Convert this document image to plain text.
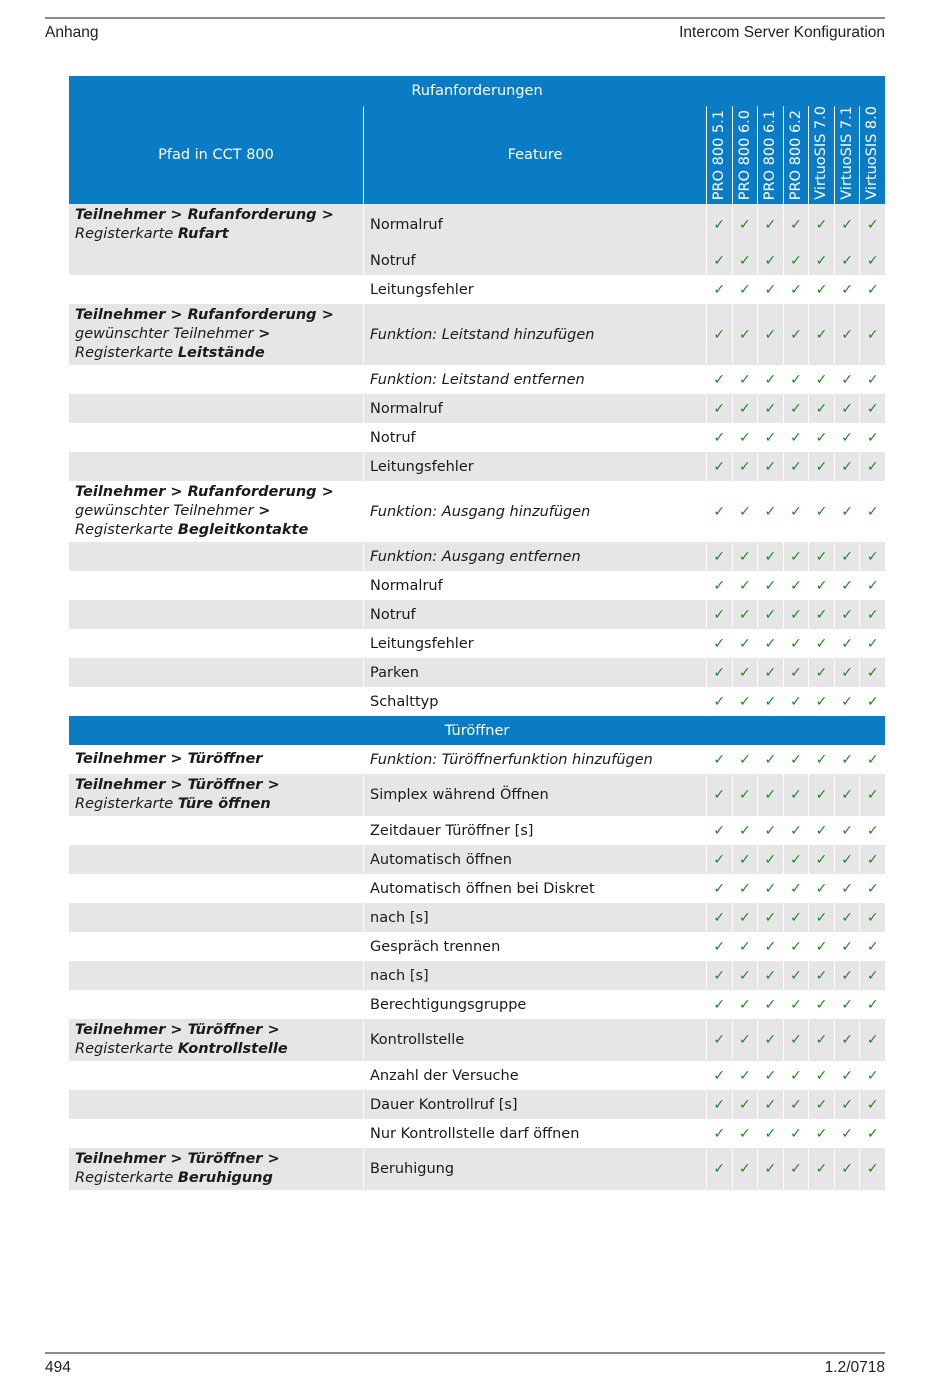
Anhang	Intercom Server Konfiguration
Rufanforderungen								
Pfad in CCT 800	Feature	PRO 800 5.1	PRO 800 6.0	PRO 800 6.1	PRO 800 6.2	VirtuoSIS 7.0	VirtuoSIS 7.1	VirtuoSIS 8.0

Teilnehmer > Rufanforderung >
Registerkarte Rufart	Normalruf	✓	✓	✓	✓	✓	✓	✓
	Notruf	✓	✓	✓	✓	✓	✓	✓
	Leitungsfehler	✓	✓	✓	✓	✓	✓	✓
Teilnehmer > Rufanforderung >
gewünschter Teilnehmer >
Registerkarte Leitstände	Funktion: Leitstand hinzufügen	✓	✓	✓	✓	✓	✓	✓
	Funktion: Leitstand entfernen	✓	✓	✓	✓	✓	✓	✓
	Normalruf	✓	✓	✓	✓	✓	✓	✓
	Notruf	✓	✓	✓	✓	✓	✓	✓
	Leitungsfehler	✓	✓	✓	✓	✓	✓	✓
Teilnehmer > Rufanforderung >
gewünschter Teilnehmer >
Registerkarte Begleitkontakte	Funktion: Ausgang hinzufügen	✓	✓	✓	✓	✓	✓	✓
	Funktion: Ausgang entfernen	✓	✓	✓	✓	✓	✓	✓
	Normalruf	✓	✓	✓	✓	✓	✓	✓
	Notruf	✓	✓	✓	✓	✓	✓	✓
	Leitungsfehler	✓	✓	✓	✓	✓	✓	✓
	Parken	✓	✓	✓	✓	✓	✓	✓
	Schalttyp	✓	✓	✓	✓	✓	✓	✓
Türöffner								
Teilnehmer > Türöffner	Funktion: Türöffnerfunktion hinzufügen	✓	✓	✓	✓	✓	✓	✓
Teilnehmer > Türöffner >
Registerkarte Türe öffnen	Simplex während Öffnen	✓	✓	✓	✓	✓	✓	✓
	Zeitdauer Türöffner [s]	✓	✓	✓	✓	✓	✓	✓
	Automatisch öffnen	✓	✓	✓	✓	✓	✓	✓
	Automatisch öffnen bei Diskret	✓	✓	✓	✓	✓	✓	✓
	nach [s]	✓	✓	✓	✓	✓	✓	✓
	Gespräch trennen	✓	✓	✓	✓	✓	✓	✓
	nach [s]	✓	✓	✓	✓	✓	✓	✓
	Berechtigungsgruppe	✓	✓	✓	✓	✓	✓	✓
Teilnehmer > Türöffner >
Registerkarte Kontrollstelle	Kontrollstelle	✓	✓	✓	✓	✓	✓	✓
	Anzahl der Versuche	✓	✓	✓	✓	✓	✓	✓
	Dauer Kontrollruf [s]	✓	✓	✓	✓	✓	✓	✓
	Nur Kontrollstelle darf öffnen	✓	✓	✓	✓	✓	✓	✓
Teilnehmer > Türöffner >
Registerkarte Beruhigung	Beruhigung	✓	✓	✓	✓	✓	✓	✓
494	1.2/0718
